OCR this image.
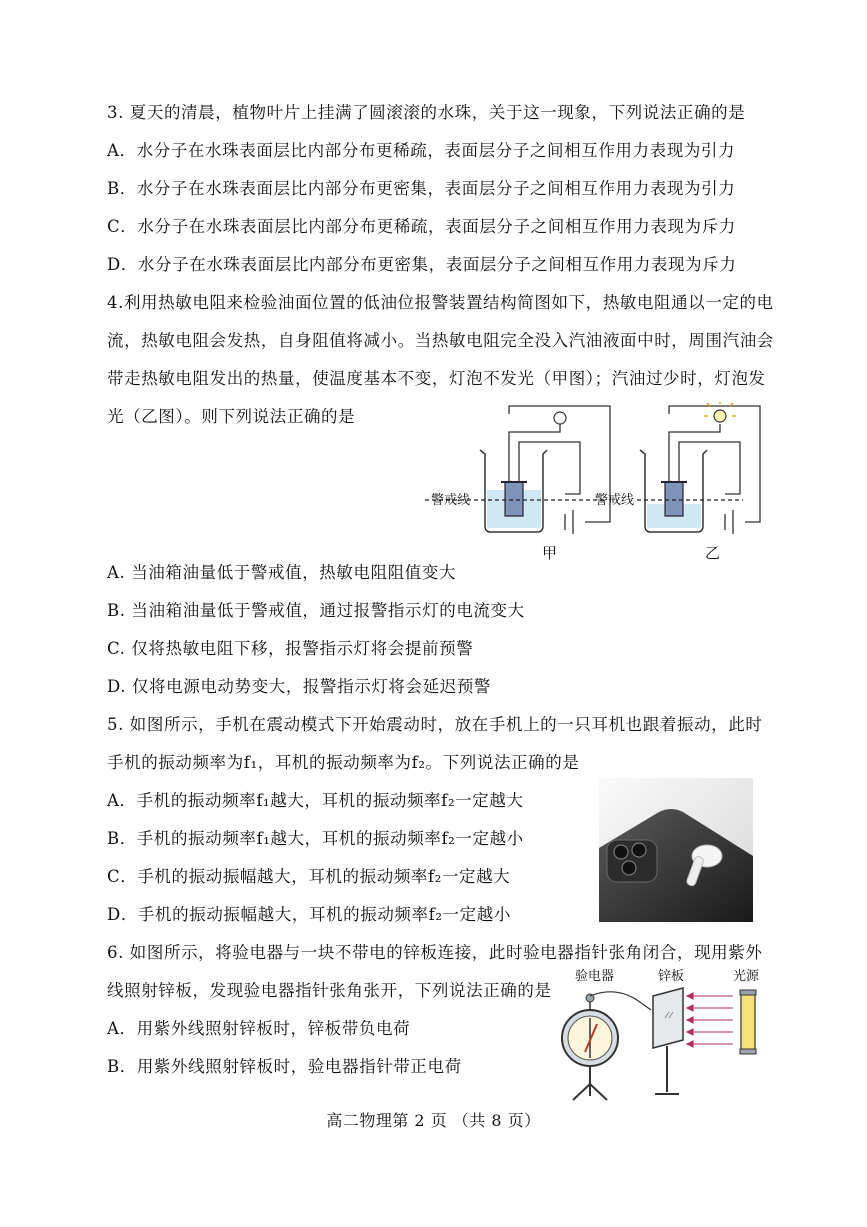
3. 夏天的清晨，植物叶片上挂满了圆滚滚的水珠，关于这一现象，下列说法正确的是
A．水分子在水珠表面层比内部分布更稀疏，表面层分子之间相互作用力表现为引力
B．水分子在水珠表面层比内部分布更密集，表面层分子之间相互作用力表现为引力
C．水分子在水珠表面层比内部分布更稀疏，表面层分子之间相互作用力表现为斥力
D．水分子在水珠表面层比内部分布更密集，表面层分子之间相互作用力表现为斥力
4.利用热敏电阻来检验油面位置的低油位报警装置结构简图如下，热敏电阻通以一定的电
流，热敏电阻会发热，自身阻值将减小。当热敏电阻完全没入汽油液面中时，周围汽油会
带走热敏电阻发出的热量，使温度基本不变，灯泡不发光（甲图）；汽油过少时，灯泡发
光（乙图）。则下列说法正确的是
警戒线
甲
警戒线
乙
A. 当油箱油量低于警戒值，热敏电阻阻值变大
B. 当油箱油量低于警戒值，通过报警指示灯的电流变大
C. 仅将热敏电阻下移，报警指示灯将会提前预警
D. 仅将电源电动势变大，报警指示灯将会延迟预警
5. 如图所示，手机在震动模式下开始震动时，放在手机上的一只耳机也跟着振动，此时
手机的振动频率为f₁，耳机的振动频率为f₂。下列说法正确的是
A．手机的振动频率f₁越大，耳机的振动频率f₂一定越大
B．手机的振动频率f₁越大，耳机的振动频率f₂一定越小
C．手机的振动振幅越大，耳机的振动频率f₂一定越大
D．手机的振动振幅越大，耳机的振动频率f₂一定越小
6. 如图所示，将验电器与一块不带电的锌板连接，此时验电器指针张角闭合，现用紫外
线照射锌板，发现验电器指针张角张开，下列说法正确的是
A．用紫外线照射锌板时，锌板带负电荷
B．用紫外线照射锌板时，验电器指针带正电荷
验电器	锌板	光源
高二物理第 2 页 （共 8 页）
